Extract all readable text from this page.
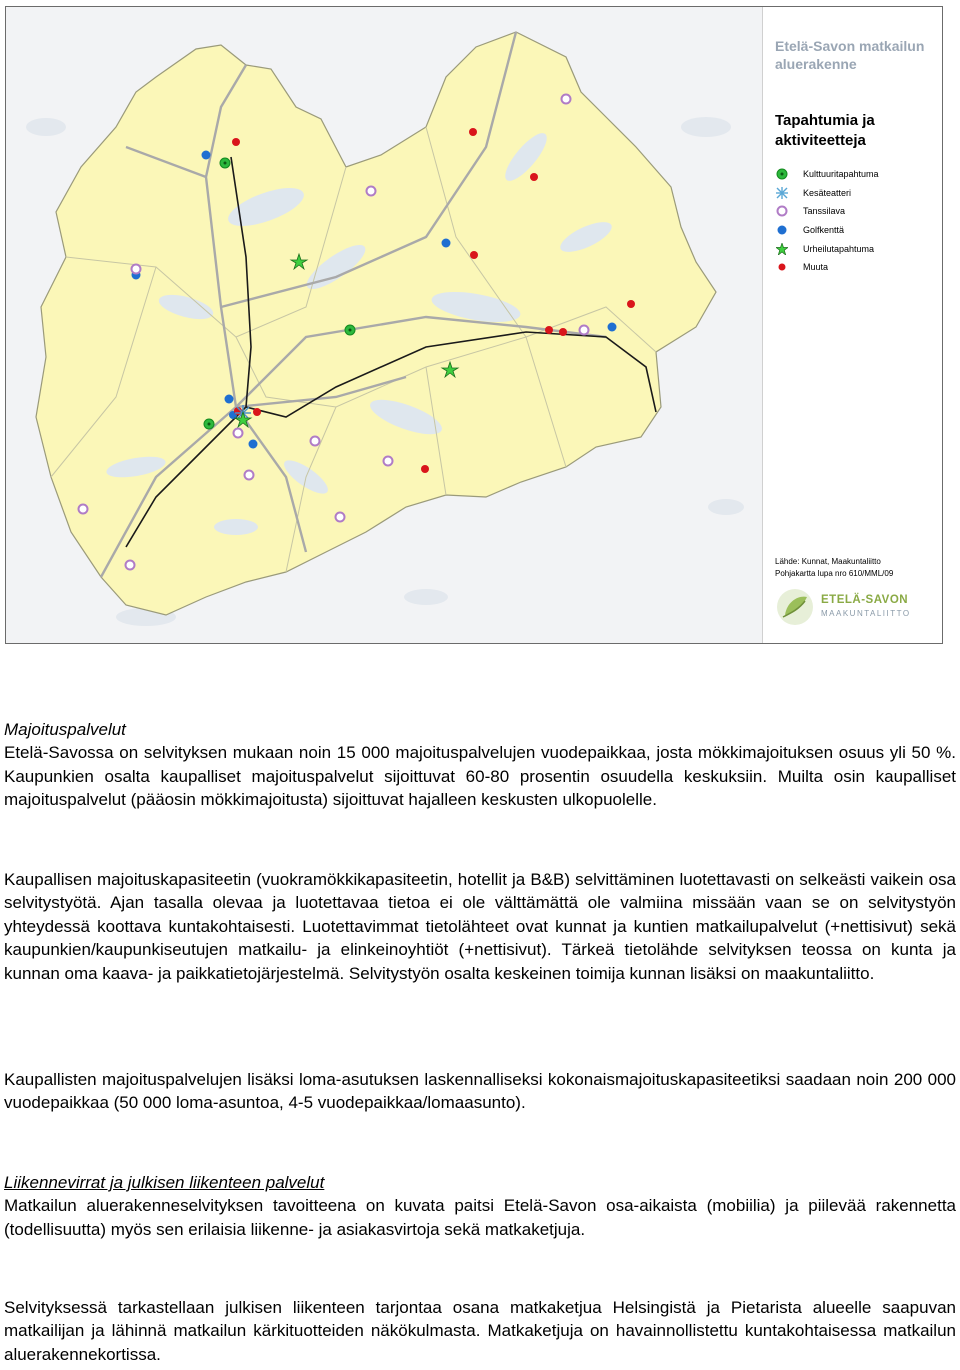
Etelä-Savon matkailun aluerakenne
Tapahtumia ja aktiviteetteja
Kulttuuritapahtuma
Kesäteatteri
Tanssilava
Golfkenttä
Urheilutapahtuma
Muuta
Lähde: Kunnat, Maakuntaliitto
Pohjakartta lupa nro 610/MML/09
ETELÄ-SAVON
MAAKUNTALIITTO

Majoituspalvelut

Etelä-Savossa on selvityksen mukaan noin 15 000 majoituspalvelujen vuodepaikkaa, josta mökkimajoituksen osuus yli 50 %. Kaupunkien osalta kaupalliset majoituspalvelut sijoittuvat 60-80 prosentin osuudella keskuksiin. Muilta osin kaupalliset majoituspalvelut (pääosin mökkimajoitusta) sijoittuvat hajalleen keskusten ulkopuolelle.

Kaupallisen majoituskapasiteetin (vuokramökkikapasiteetin, hotellit ja B&B) selvittäminen luotettavasti on selkeästi vaikein osa selvitystyötä. Ajan tasalla olevaa ja luotettavaa tietoa ei ole välttämättä ole valmiina missään vaan se on selvitystyön yhteydessä koottava kuntakohtaisesti. Luotettavimmat tietolähteet ovat kunnat ja kuntien matkailupalvelut (+nettisivut) sekä kaupunkien/kaupunkiseutujen matkailu- ja elinkeinoyhtiöt (+nettisivut). Tärkeä tietolähde selvityksen teossa on kunta ja kunnan oma kaava- ja paikkatietojärjestelmä. Selvitystyön osalta keskeinen toimija kunnan lisäksi on maakuntaliitto.

Kaupallisten majoituspalvelujen lisäksi loma-asutuksen laskennalliseksi kokonaismajoituskapasiteetiksi saadaan noin 200 000 vuodepaikkaa (50 000 loma-asuntoa, 4-5 vuodepaikkaa/lomaasunto).

Liikennevirrat ja julkisen liikenteen palvelut

Matkailun aluerakenneselvityksen tavoitteena on kuvata paitsi Etelä-Savon osa-aikaista (mobiilia) ja piilevää rakennetta (todellisuutta) myös sen erilaisia liikenne- ja asiakasvirtoja sekä matkaketjuja.

Selvityksessä tarkastellaan julkisen liikenteen tarjontaa osana matkaketjua Helsingistä ja Pietarista alueelle saapuvan matkailijan ja lähinnä matkailun kärkituotteiden näkökulmasta. Matkaketjuja on havainnollistettu kuntakohtaisessa matkailun aluerakennekortissa.
